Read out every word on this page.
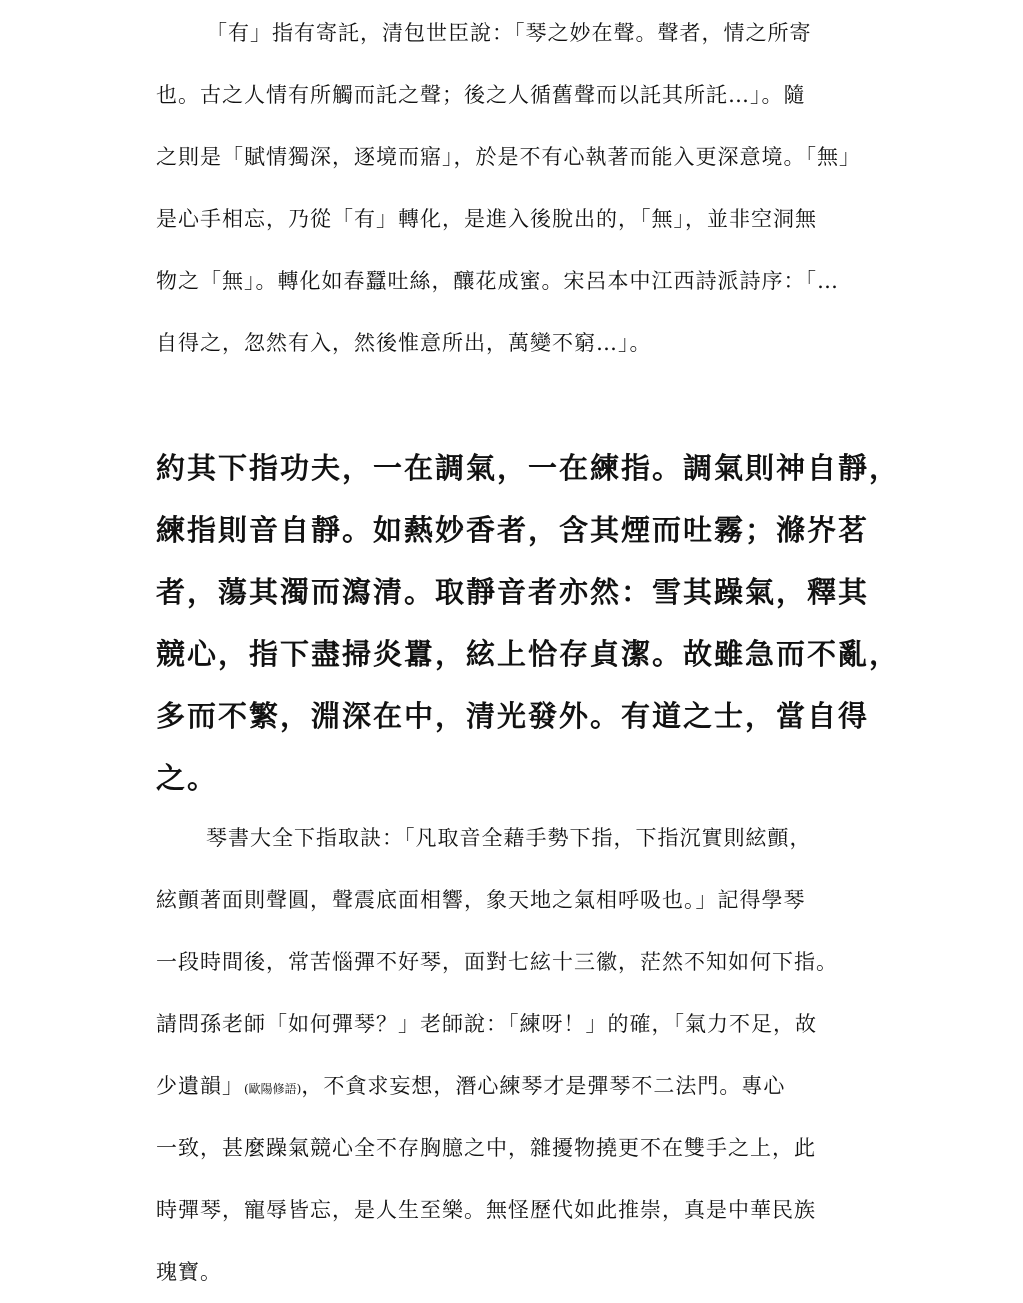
「有」指有寄託，清包世臣說：「琴之妙在聲。聲者，情之所寄
也。古之人情有所觸而託之聲；後之人循舊聲而以託其所託…」。隨
之則是「賦情獨深，逐境而寤」，於是不有心執著而能入更深意境。「無」
是心手相忘，乃從「有」轉化，是進入後脫出的，「無」，並非空洞無
物之「無」。轉化如春蠶吐絲，釀花成蜜。宋呂本中江西詩派詩序：「…
自得之，忽然有入，然後惟意所出，萬變不窮…」。
約其下指功夫，一在調氣，一在練指。調氣則神自靜，
練指則音自靜。如爇妙香者，含其煙而吐霧；滌岕茗
者，蕩其濁而瀉清。取靜音者亦然：雪其躁氣，釋其
競心，指下盡掃炎囂，絃上恰存貞潔。故雖急而不亂，
多而不繁，淵深在中，清光發外。有道之士，當自得
之。
琴書大全下指取訣：「凡取音全藉手勢下指，下指沉實則絃顫，
絃顫著面則聲圓，聲震底面相響，象天地之氣相呼吸也。」記得學琴
一段時間後，常苦惱彈不好琴，面對七絃十三徽，茫然不知如何下指。
請問孫老師「如何彈琴？」老師說：「練呀！」的確，「氣力不足，故
少遺韻」(歐陽修語)，不貪求妄想，潛心練琴才是彈琴不二法門。專心
一致，甚麼躁氣競心全不存胸臆之中，雜擾物撓更不在雙手之上，此
時彈琴，寵辱皆忘，是人生至樂。無怪歷代如此推崇，真是中華民族
瑰寶。
